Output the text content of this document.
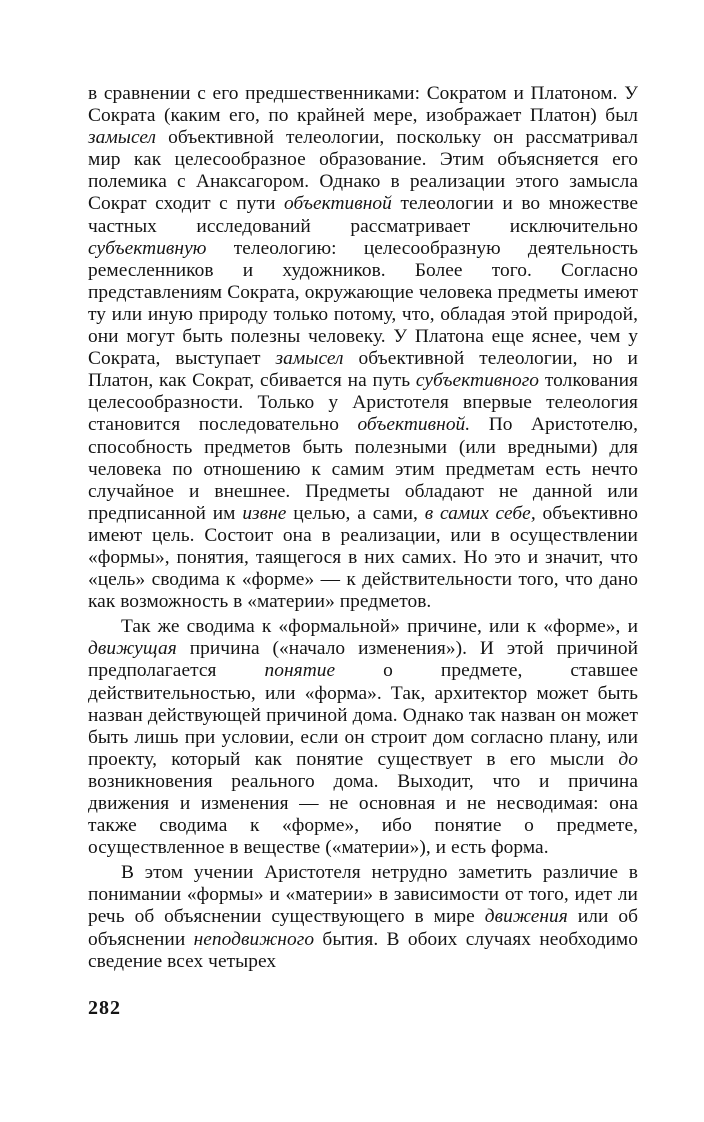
в сравнении с его предшественниками: Сократом и Платоном. У Сократа (каким его, по крайней мере, изображает Платон) был замысел объективной телеологии, поскольку он рассматривал мир как целесообразное образование. Этим объясняется его полемика с Анаксагором. Однако в реализации этого замысла Сократ сходит с пути объективной телеологии и во множестве частных исследований рассматривает исключительно субъективную телеологию: целесообразную деятельность ремесленников и художников. Более того. Согласно представлениям Сократа, окружающие человека предметы имеют ту или иную природу только потому, что, обладая этой природой, они могут быть полезны человеку. У Платона еще яснее, чем у Сократа, выступает замысел объективной телеологии, но и Платон, как Сократ, сбивается на путь субъективного толкования целесообразности. Только у Аристотеля впервые телеология становится последовательно объективной. По Аристотелю, способность предметов быть полезными (или вредными) для человека по отношению к самим этим предметам есть нечто случайное и внешнее. Предметы обладают не данной или предписанной им извне целью, а сами, в самих себе, объективно имеют цель. Состоит она в реализации, или в осуществлении «формы», понятия, таящегося в них самих. Но это и значит, что «цель» сводима к «форме» — к действительности того, что дано как возможность в «материи» предметов.

Так же сводима к «формальной» причине, или к «форме», и движущая причина («начало изменения»). И этой причиной предполагается понятие о предмете, ставшее действительностью, или «форма». Так, архитектор может быть назван действующей причиной дома. Однако так назван он может быть лишь при условии, если он строит дом согласно плану, или проекту, который как понятие существует в его мысли до возникновения реального дома. Выходит, что и причина движения и изменения — не основная и не несводимая: она также сводима к «форме», ибо понятие о предмете, осуществленное в веществе («материи»), и есть форма.

В этом учении Аристотеля нетрудно заметить различие в понимании «формы» и «материи» в зависимости от того, идет ли речь об объяснении существующего в мире движения или об объяснении неподвижного бытия. В обоих случаях необходимо сведение всех четырех

282
